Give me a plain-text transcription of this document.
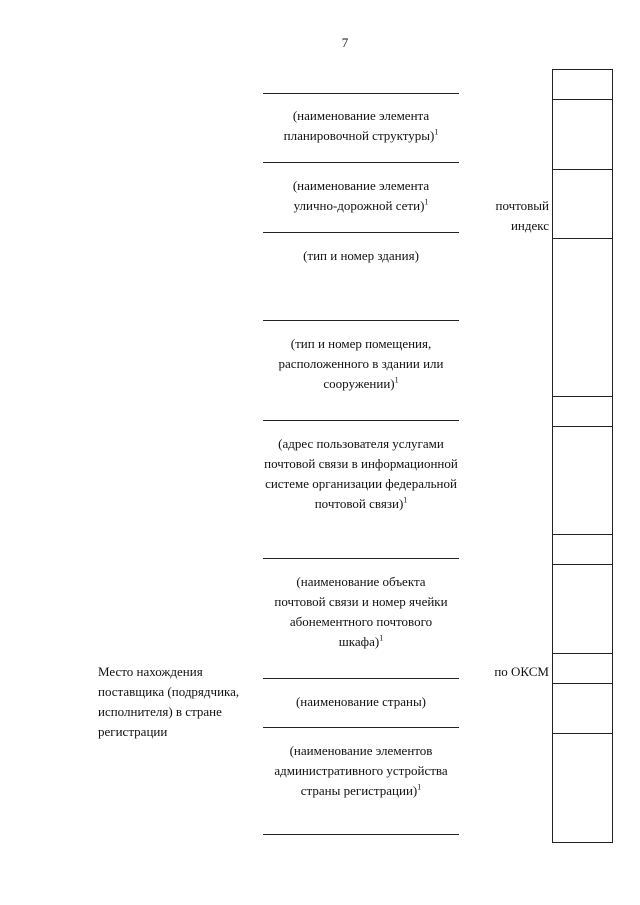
7
(наименование элемента планировочной структуры)$^1$
(наименование элемента улично-дорожной сети)$^1$
(тип и номер здания)
(тип и номер помещения, расположенного в здании или сооружении)$^1$
(адрес пользователя услугами почтовой связи в информационной системе организации федеральной почтовой связи)$^1$
(наименование объекта почтовой связи и номер ячейки абонементного почтового шкафа)$^1$
(наименование страны)
(наименование элементов административного устройства страны регистрации)$^1$
Место нахождения поставщика (подрядчика, исполнителя) в стране регистрации
почтовый индекс
по ОКСМ
